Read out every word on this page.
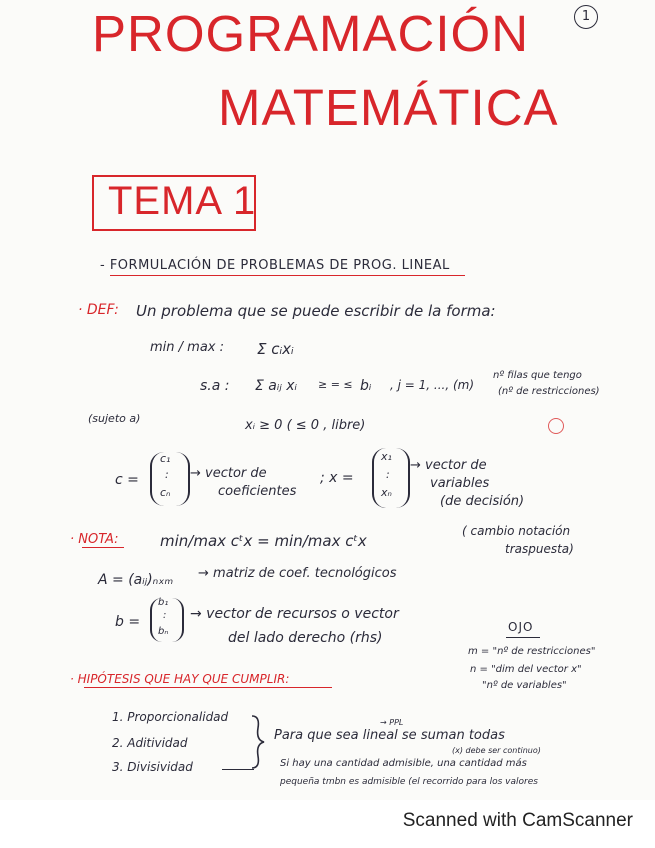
1
PROGRAMACIÓN
MATEMÁTICA
TEMA 1
- FORMULACIÓN DE PROBLEMAS DE PROG. LINEAL
· DEF: Un problema que se puede escribir de la forma:
min / max : Σ cᵢxᵢ
s.a : Σ aᵢⱼ xᵢ ≥ = ≤ bᵢ , j = 1, ..., (m)
nº filas que tengo
(nº de restricciones)
(sujeto a)	xᵢ ≥ 0 ( ≤ 0 , libre)
c =
c₁
:
cₙ
→ vector de
coeficientes
; x =
x₁
:
xₙ
→ vector de
variables
(de decisión)
· NOTA:	min/max cᵗx = min/max cᵗx
( cambio notación
traspuesta)
A = (aᵢⱼ)ₙₓₘ → matriz de coef. tecnológicos
b =
b₁
:
bₙ
→ vector de recursos o vector
del lado derecho (rhs)
OJO
m = "nº de restricciones"
n = "dim del vector x"
"nº de variables"
· HIPÓTESIS QUE HAY QUE CUMPLIR:
1. Proporcionalidad
2. Aditividad
3. Divisividad
→ PPL
Para que sea lineal se suman todas
(x) debe ser continuo)
Si hay una cantidad admisible, una cantidad más
pequeña tmbn es admisible (el recorrido para los valores
Scanned with CamScanner
